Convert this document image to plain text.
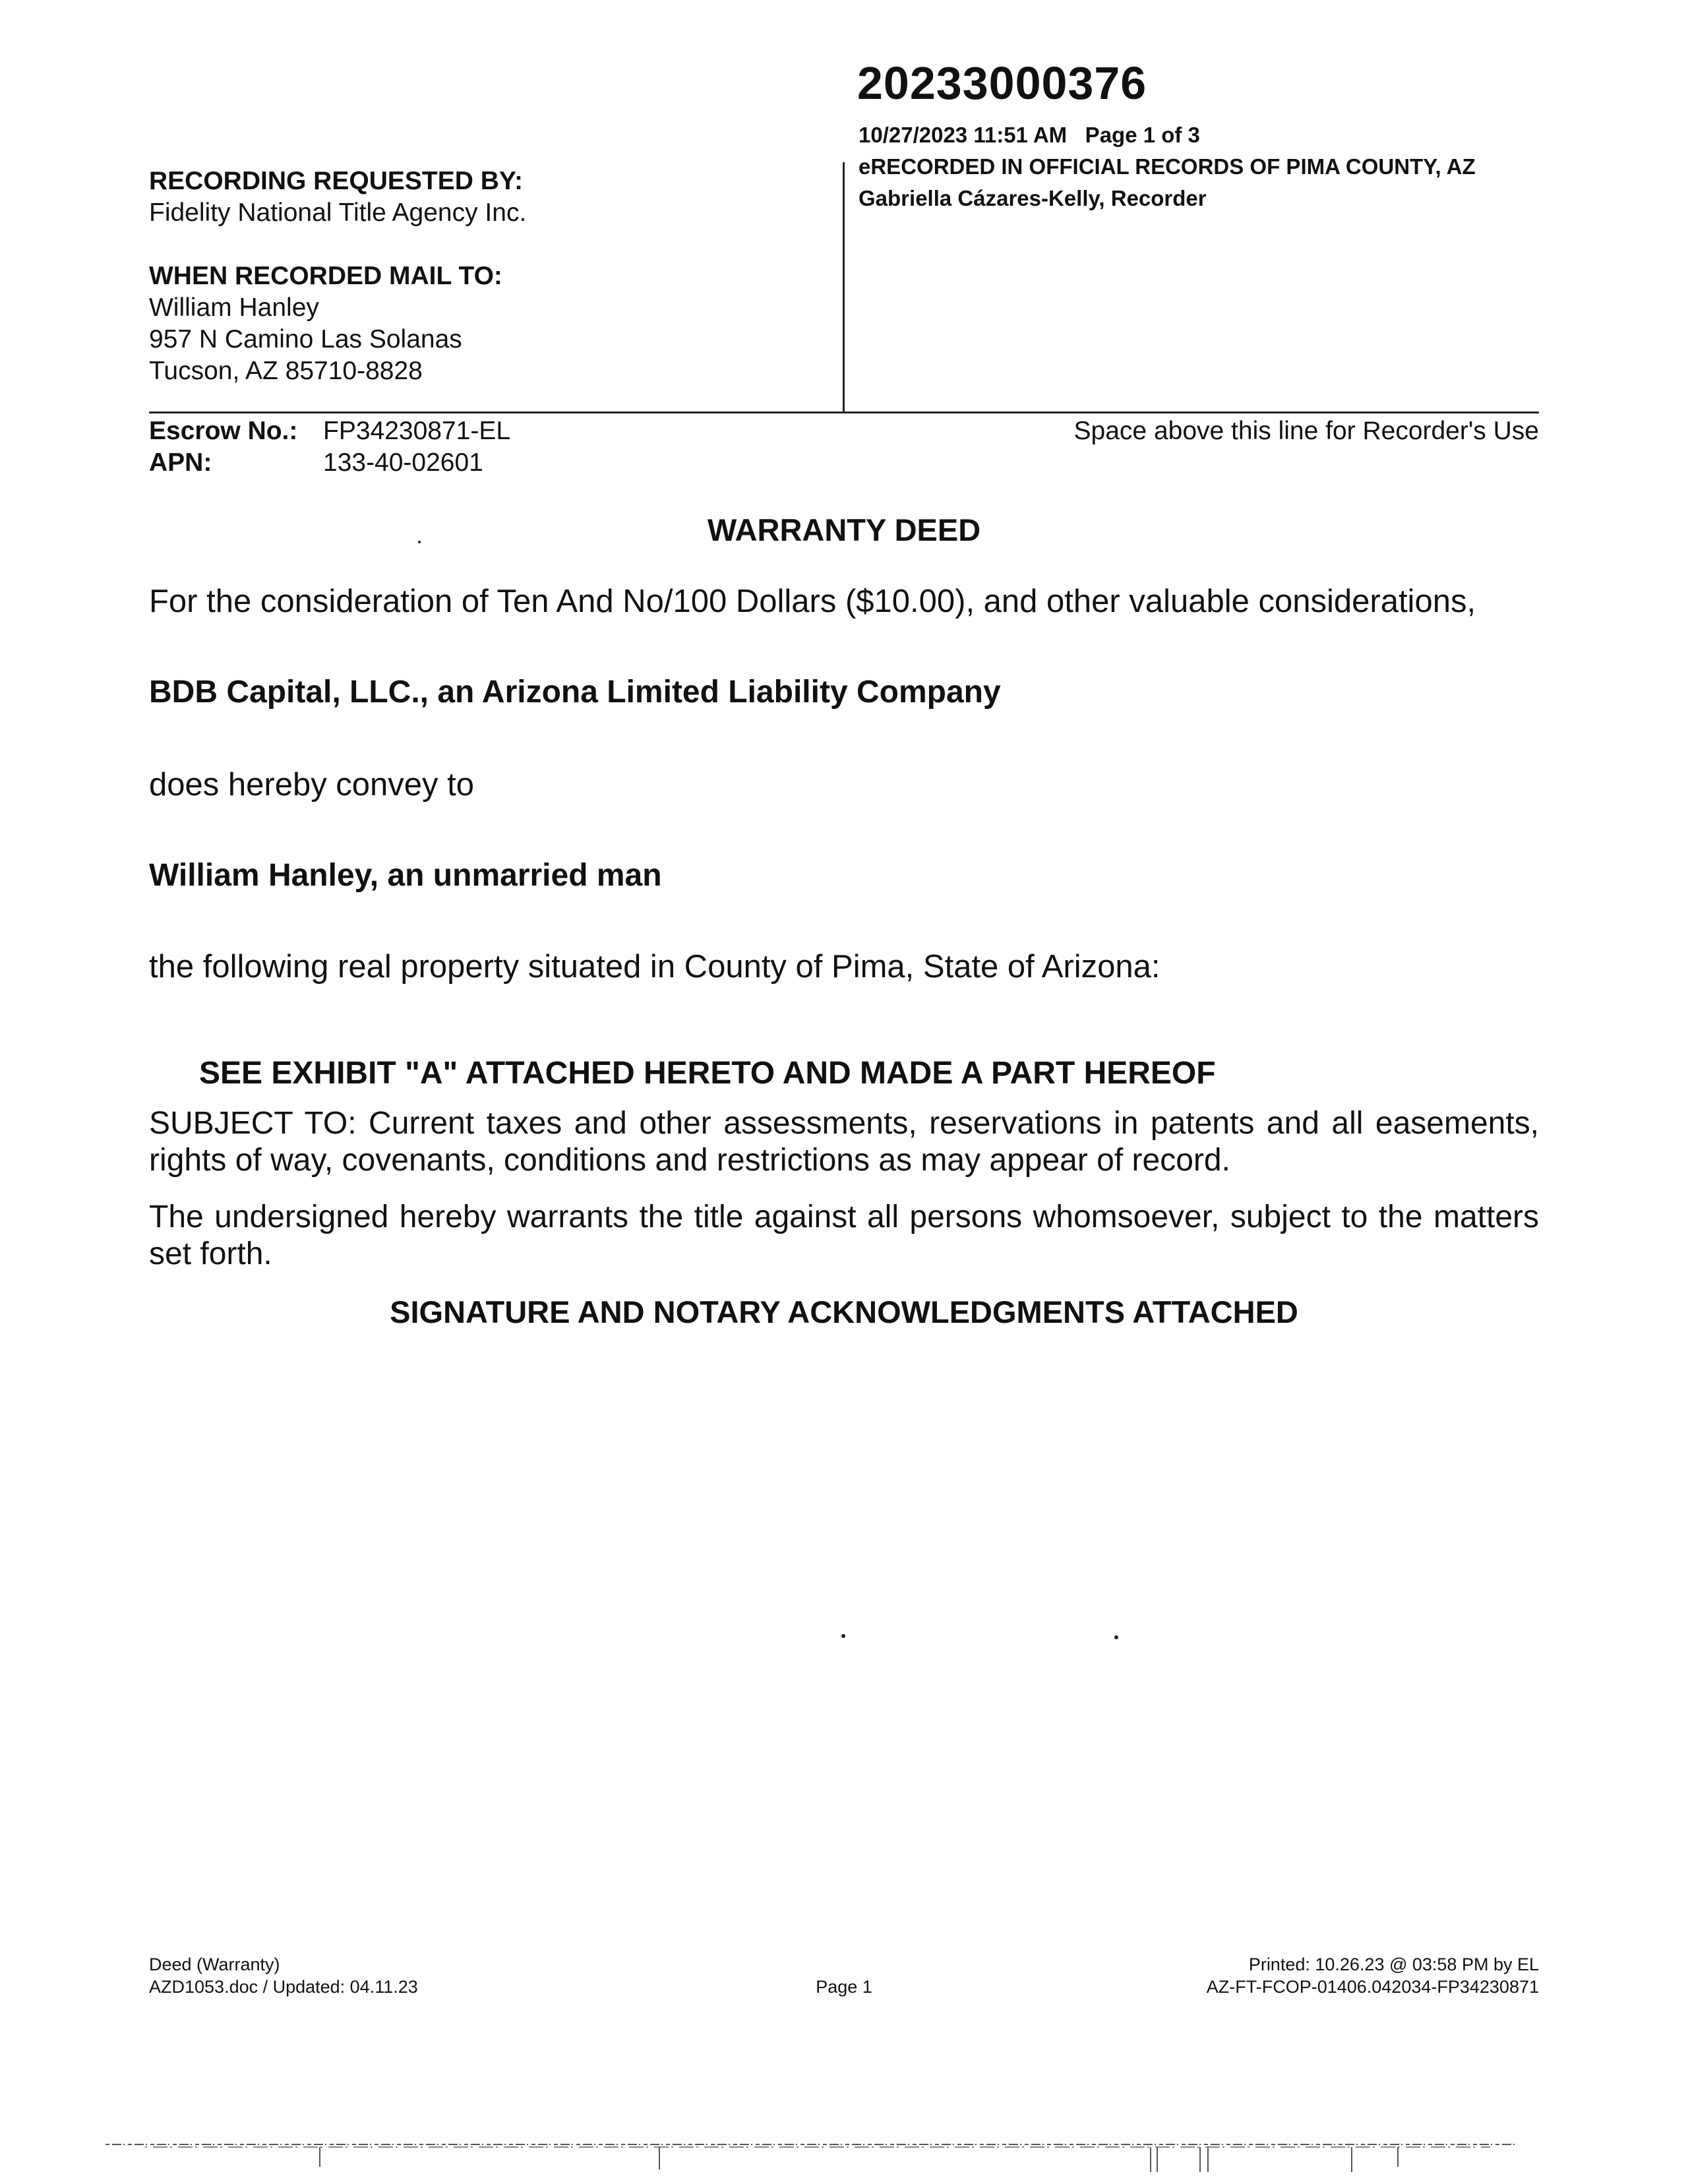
20233000376
10/27/2023 11:51 AM   Page 1 of 3
eRECORDED IN OFFICIAL RECORDS OF PIMA COUNTY, AZ
Gabriella Cázares-Kelly, Recorder
RECORDING REQUESTED BY:
Fidelity National Title Agency Inc.
WHEN RECORDED MAIL TO:
William Hanley
957 N Camino Las Solanas
Tucson, AZ 85710-8828
Escrow No.: FP34230871-EL
APN:	133-40-02601
Space above this line for Recorder's Use
WARRANTY DEED
For the consideration of Ten And No/100 Dollars ($10.00), and other valuable considerations,
BDB Capital, LLC., an Arizona Limited Liability Company
does hereby convey to
William Hanley, an unmarried man
the following real property situated in County of Pima, State of Arizona:
SEE EXHIBIT "A" ATTACHED HERETO AND MADE A PART HEREOF
SUBJECT TO: Current taxes and other assessments, reservations in patents and all easements, rights of way, covenants, conditions and restrictions as may appear of record.
The undersigned hereby warrants the title against all persons whomsoever, subject to the matters set forth.
SIGNATURE AND NOTARY ACKNOWLEDGMENTS ATTACHED
Deed (Warranty)
AZD1053.doc / Updated: 04.11.23	Page 1
Printed: 10.26.23 @ 03:58 PM by EL
AZ-FT-FCOP-01406.042034-FP34230871
